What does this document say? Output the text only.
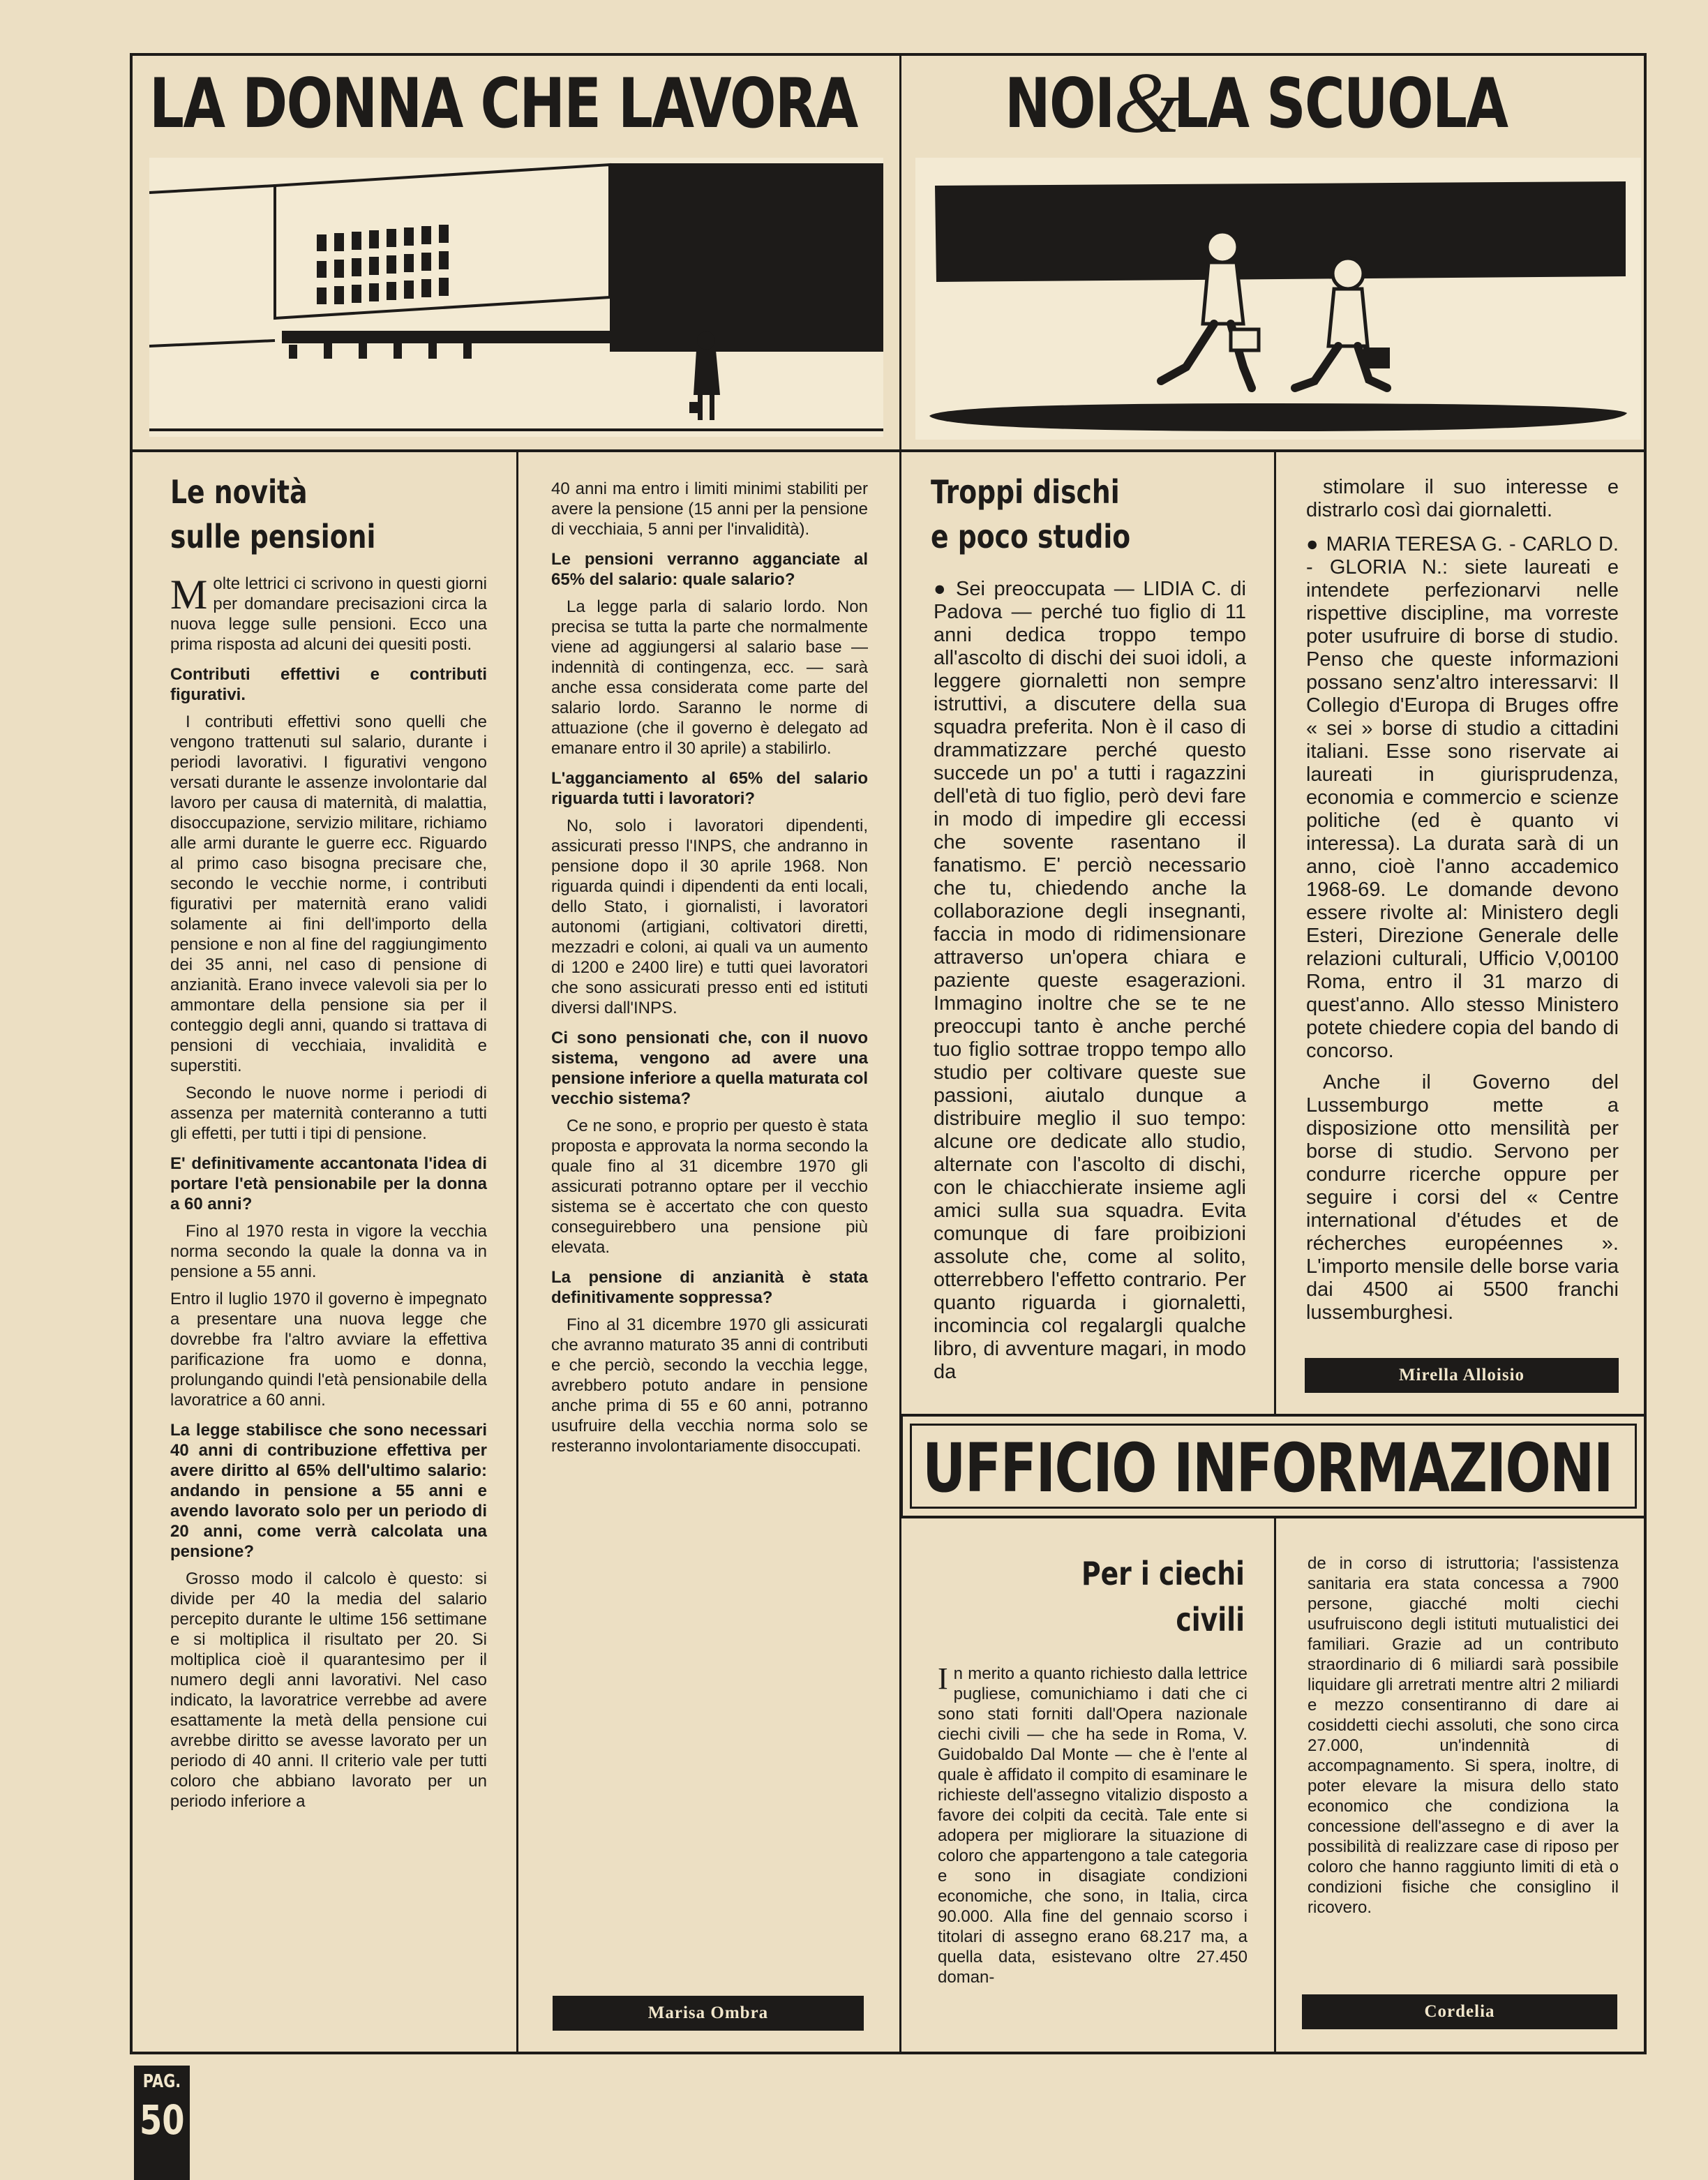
LA DONNA CHE LAVORA NOI &
LA SCUOLA
Le novità
sulle pensioni

Molte lettrici ci scrivono in questi giorni per domandare precisazioni circa la nuova legge sulle pensioni. Ecco una prima risposta ad alcuni dei quesiti posti.

Contributi effettivi e contributi figurativi.

I contributi effettivi sono quelli che vengono trattenuti sul salario, durante i periodi lavorativi. I figurativi vengono versati durante le assenze involontarie dal lavoro per causa di maternità, di malattia, disoccupazione, servizio militare, richiamo alle armi durante le guerre ecc. Riguardo al primo caso bisogna precisare che, secondo le vecchie norme, i contributi figurativi per maternità erano validi solamente ai fini dell'importo della pensione e non al fine del raggiungimento dei 35 anni, nel caso di pensione di anzianità. Erano invece valevoli sia per lo ammontare della pensione sia per il conteggio degli anni, quando si trattava di pensioni di vecchiaia, invalidità e superstiti.

Secondo le nuove norme i periodi di assenza per maternità conteranno a tutti gli effetti, per tutti i tipi di pensione.

E' definitivamente accantonata l'idea di portare l'età pensionabile per la donna a 60 anni?

Fino al 1970 resta in vigore la vecchia norma secondo la quale la donna va in pensione a 55 anni.

Entro il luglio 1970 il governo è impegnato a presentare una nuova legge che dovrebbe fra l'altro avviare la effettiva parificazione fra uomo e donna, prolungando quindi l'età pensionabile della lavoratrice a 60 anni.

La legge stabilisce che sono necessari 40 anni di contribuzione effettiva per avere diritto al 65% dell'ultimo salario: andando in pensione a 55 anni e avendo lavorato solo per un periodo di 20 anni, come verrà calcolata una pensione?

Grosso modo il calcolo è questo: si divide per 40 la media del salario percepito durante le ultime 156 settimane e si moltiplica il risultato per 20. Si moltiplica cioè il quarantesimo per il numero degli anni lavorativi. Nel caso indicato, la lavoratrice verrebbe ad avere esattamente la metà della pensione cui avrebbe diritto se avesse lavorato per un periodo di 40 anni. Il criterio vale per tutti coloro che abbiano lavorato per un periodo inferiore a

40 anni ma entro i limiti minimi stabiliti per avere la pensione (15 anni per la pensione di vecchiaia, 5 anni per l'invalidità).

Le pensioni verranno agganciate al 65% del salario: quale salario?

La legge parla di salario lordo. Non precisa se tutta la parte che normalmente viene ad aggiungersi al salario base — indennità di contingenza, ecc. — sarà anche essa considerata come parte del salario lordo. Saranno le norme di attuazione (che il governo è delegato ad emanare entro il 30 aprile) a stabilirlo.

L'agganciamento al 65% del salario riguarda tutti i lavoratori?

No, solo i lavoratori dipendenti, assicurati presso l'INPS, che andranno in pensione dopo il 30 aprile 1968. Non riguarda quindi i dipendenti da enti locali, dello Stato, i giornalisti, i lavoratori autonomi (artigiani, coltivatori diretti, mezzadri e coloni, ai quali va un aumento di 1200 e 2400 lire) e tutti quei lavoratori che sono assicurati presso enti ed istituti diversi dall'INPS.

Ci sono pensionati che, con il nuovo sistema, vengono ad avere una pensione inferiore a quella maturata col vecchio sistema?

Ce ne sono, e proprio per questo è stata proposta e approvata la norma secondo la quale fino al 31 dicembre 1970 gli assicurati potranno optare per il vecchio sistema se è accertato che con questo conseguirebbero una pensione più elevata.

La pensione di anzianità è stata definitivamente soppressa?

Fino al 31 dicembre 1970 gli assicurati che avranno maturato 35 anni di contributi e che perciò, secondo la vecchia legge, avrebbero potuto andare in pensione anche prima di 55 e 60 anni, potranno usufruire della vecchia norma solo se resteranno involontariamente disoccupati.

Marisa Ombra
Troppi dischi
e poco studio

● Sei preoccupata — LIDIA C. di Padova — perché tuo figlio di 11 anni dedica troppo tempo all'ascolto di dischi dei suoi idoli, a leggere giornaletti non sempre istruttivi, a discutere della sua squadra preferita. Non è il caso di drammatizzare perché questo succede un po' a tutti i ragazzini dell'età di tuo figlio, però devi fare in modo di impedire gli eccessi che sovente rasentano il fanatismo. E' perciò necessario che tu, chiedendo anche la collaborazione degli insegnanti, faccia in modo di ridimensionare attraverso un'opera chiara e paziente queste esagerazioni. Immagino inoltre che se te ne preoccupi tanto è anche perché tuo figlio sottrae troppo tempo allo studio per coltivare queste sue passioni, aiutalo dunque a distribuire meglio il suo tempo: alcune ore dedicate allo studio, alternate con l'ascolto di dischi, con le chiacchierate insieme agli amici sulla sua squadra. Evita comunque di fare proibizioni assolute che, come al solito, otterrebbero l'effetto contrario. Per quanto riguarda i giornaletti, incomincia col regalargli qualche libro, di avventure magari, in modo da

stimolare il suo interesse e distrarlo così dai giornaletti.

● MARIA TERESA G. - CARLO D. - GLORIA N.: siete laureati e intendete perfezionarvi nelle rispettive discipline, ma vorreste poter usufruire di borse di studio. Penso che queste informazioni possano senz'altro interessarvi: Il Collegio d'Europa di Bruges offre « sei » borse di studio a cittadini italiani. Esse sono riservate ai laureati in giurisprudenza, economia e commercio e scienze politiche (ed è quanto vi interessa). La durata sarà di un anno, cioè l'anno accademico 1968-69. Le domande devono essere rivolte al: Ministero degli Esteri, Direzione Generale delle relazioni culturali, Ufficio V,00100 Roma, entro il 31 marzo di quest'anno. Allo stesso Ministero potete chiedere copia del bando di concorso.

Anche il Governo del Lussemburgo mette a disposizione otto mensilità per borse di studio. Servono per condurre ricerche oppure per seguire i corsi del « Centre international d'études et de récherches européennes ». L'importo mensile delle borse varia dai 4500 ai 5500 franchi lussemburghesi.

Mirella Alloisio
UFFICIO INFORMAZIONI
Per i ciechi
civili

In merito a quanto richiesto dalla lettrice pugliese, comunichiamo i dati che ci sono stati forniti dall'Opera nazionale ciechi civili — che ha sede in Roma, V. Guidobaldo Dal Monte — che è l'ente al quale è affidato il compito di esaminare le richieste dell'assegno vitalizio disposto a favore dei colpiti da cecità. Tale ente si adopera per migliorare la situazione di coloro che appartengono a tale categoria e sono in disagiate condizioni economiche, che sono, in Italia, circa 90.000. Alla fine del gennaio scorso i titolari di assegno erano 68.217 ma, a quella data, esistevano oltre 27.450 doman-

de in corso di istruttoria; l'assistenza sanitaria era stata concessa a 7900 persone, giacché molti ciechi usufruiscono degli istituti mutualistici dei familiari. Grazie ad un contributo straordinario di 6 miliardi sarà possibile liquidare gli arretrati mentre altri 2 miliardi e mezzo consentiranno di dare ai cosiddetti ciechi assoluti, che sono circa 27.000, un'indennità di accompagnamento. Si spera, inoltre, di poter elevare la misura dello stato economico che condiziona la concessione dell'assegno e di aver la possibilità di realizzare case di riposo per coloro che hanno raggiunto limiti di età o condizioni fisiche che consiglino il ricovero.

Cordelia
PAG.
50
